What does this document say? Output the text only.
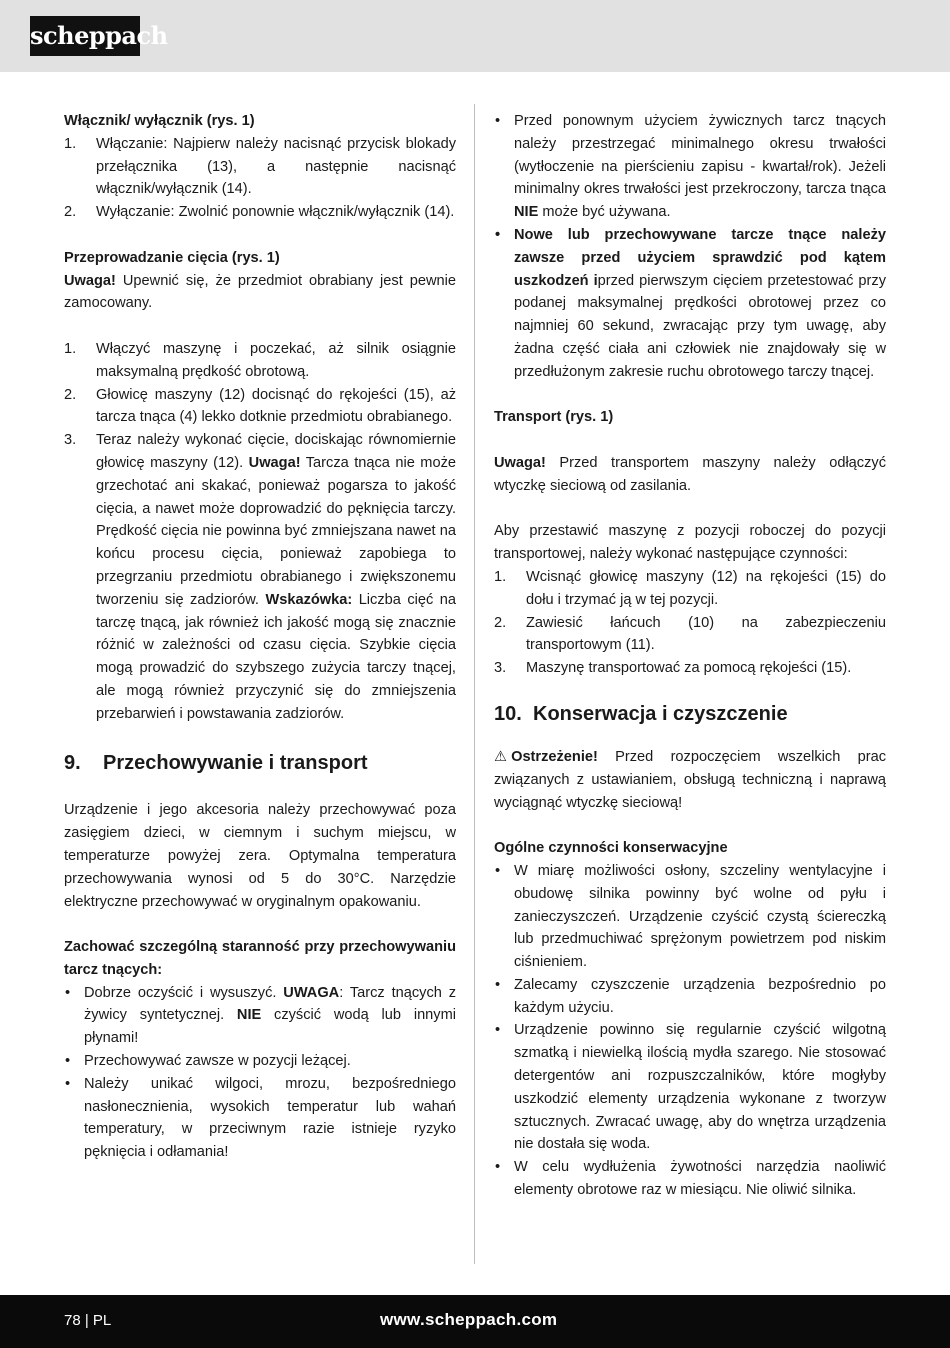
scheppach

Włącznik/ wyłącznik (rys. 1)

1. Włączanie: Najpierw należy nacisnąć przycisk blokady przełącznika (13), a następnie nacisnąć włącznik/wyłącznik (14).
2. Wyłączanie: Zwolnić ponownie włącznik/wyłącznik (14).

Przeprowadzanie cięcia (rys. 1)

Uwaga! Upewnić się, że przedmiot obrabiany jest pewnie zamocowany.

1. Włączyć maszynę i poczekać, aż silnik osiągnie maksymalną prędkość obrotową.
2. Głowicę maszyny (12) docisnąć do rękojeści (15), aż tarcza tnąca (4) lekko dotknie przedmiotu obrabianego.
3. Teraz należy wykonać cięcie, dociskając równomiernie głowicę maszyny (12). Uwaga! Tarcza tnąca nie może grzechotać ani skakać, ponieważ pogarsza to jakość cięcia, a nawet może doprowadzić do pęknięcia tarczy. Prędkość cięcia nie powinna być zmniejszana nawet na końcu procesu cięcia, ponieważ zapobiega to przegrzaniu przedmiotu obrabianego i zwiększonemu tworzeniu się zadziorów. Wskazówka: Liczba cięć na tarczę tnącą, jak również ich jakość mogą się znacznie różnić w zależności od czasu cięcia. Szybkie cięcia mogą prowadzić do szybszego zużycia tarczy tnącej, ale mogą również przyczynić się do zmniejszenia przebarwień i powstawania zadziorów.
9. Przechowywanie i transport

Urządzenie i jego akcesoria należy przechowywać poza zasięgiem dzieci, w ciemnym i suchym miejscu, w temperaturze powyżej zera. Optymalna temperatura przechowywania wynosi od 5 do 30°C. Narzędzie elektryczne przechowywać w oryginalnym opakowaniu.

Zachować szczególną staranność przy przechowywaniu tarcz tnących:

• Dobrze oczyścić i wysuszyć. UWAGA: Tarcz tnących z żywicy syntetycznej. NIE czyścić wodą lub innymi płynami!
• Przechowywać zawsze w pozycji leżącej.
• Należy unikać wilgoci, mrozu, bezpośredniego nasłonecznienia, wysokich temperatur lub wahań temperatury, w przeciwnym razie istnieje ryzyko pęknięcia i odłamania!
• Przed ponownym użyciem żywicznych tarcz tnących należy przestrzegać minimalnego okresu trwałości (wytłoczenie na pierścieniu zapisu - kwartał/rok). Jeżeli minimalny okres trwałości jest przekroczony, tarcza tnąca NIE może być używana.
• Nowe lub przechowywane tarcze tnące należy zawsze przed użyciem sprawdzić pod kątem uszkodzeń iprzed pierwszym cięciem przetestować przy podanej maksymalnej prędkości obrotowej przez co najmniej 60 sekund, zwracając przy tym uwagę, aby żadna część ciała ani człowiek nie znajdowały się w przedłużonym zakresie ruchu obrotowego tarczy tnącej.

Transport (rys. 1)

Uwaga! Przed transportem maszyny należy odłączyć wtyczkę sieciową od zasilania.

Aby przestawić maszynę z pozycji roboczej do pozycji transportowej, należy wykonać następujące czynności:

1. Wcisnąć głowicę maszyny (12) na rękojeści (15) do dołu i trzymać ją w tej pozycji.
2. Zawiesić łańcuch (10) na zabezpieczeniu transportowym (11).
3. Maszynę transportować za pomocą rękojeści (15).
10. Konserwacja i czyszczenie

⚠ Ostrzeżenie! Przed rozpoczęciem wszelkich prac związanych z ustawianiem, obsługą techniczną i naprawą wyciągnąć wtyczkę sieciową!

Ogólne czynności konserwacyjne

• W miarę możliwości osłony, szczeliny wentylacyjne i obudowę silnika powinny być wolne od pyłu i zanieczyszczeń. Urządzenie czyścić czystą ściereczką lub przedmuchiwać sprężonym powietrzem pod niskim ciśnieniem.
• Zalecamy czyszczenie urządzenia bezpośrednio po każdym użyciu.
• Urządzenie powinno się regularnie czyścić wilgotną szmatką i niewielką ilością mydła szarego. Nie stosować detergentów ani rozpuszczalników, które mogłyby uszkodzić elementy urządzenia wykonane z tworzyw sztucznych. Zwracać uwagę, aby do wnętrza urządzenia nie dostała się woda.
• W celu wydłużenia żywotności narzędzia naoliwić elementy obrotowe raz w miesiącu. Nie oliwić silnika.
78 | PL	www.scheppach.com
